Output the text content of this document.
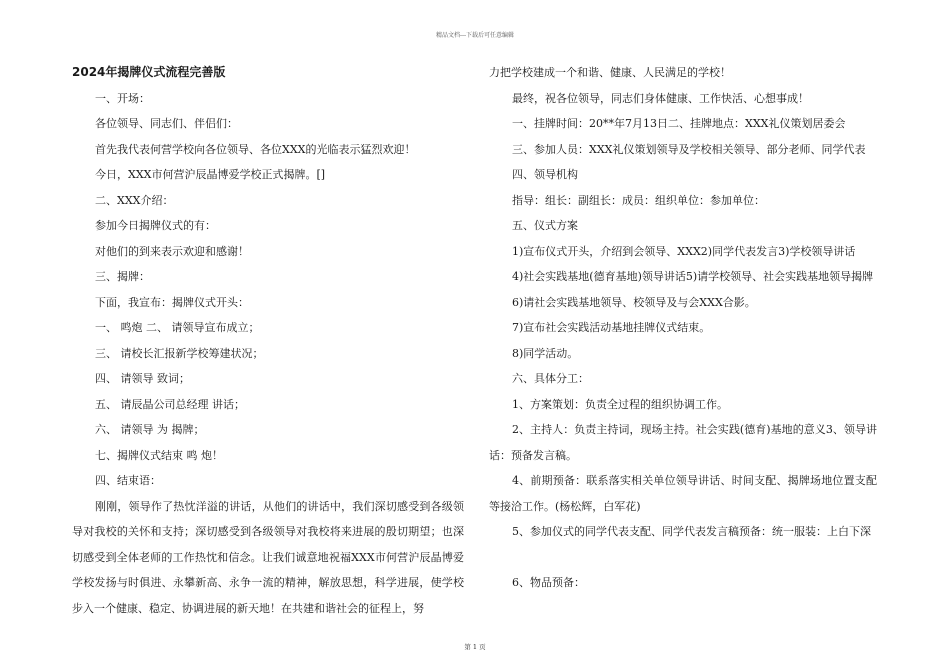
精品文档---下载后可任意编辑

2024年揭牌仪式流程完善版

一、开场：

各位领导、同志们、伴侣们：

首先我代表何营学校向各位领导、各位XXX的光临表示猛烈欢迎！

今日，XXX市何营沪辰晶博爱学校正式揭牌。[]

二、XXX介绍：

参加今日揭牌仪式的有：

对他们的到来表示欢迎和感谢！

三、揭牌：

下面，我宣布：揭牌仪式开头：

一、 鸣炮 二、 请领导宣布成立；

三、 请校长汇报新学校筹建状况；

四、 请领导 致词；

五、 请辰晶公司总经理 讲话；

六、 请领导 为 揭牌；

七、揭牌仪式结束 鸣 炮！

四、结束语：

刚刚，领导作了热忱洋溢的讲话，从他们的讲话中，我们深切感受到各级领导对我校的关怀和支持；深切感受到各级领导对我校将来进展的殷切期望；也深切感受到全体老师的工作热忱和信念。让我们诚意地祝福XXX市何营沪辰晶博爱学校发扬与时俱进、永攀新高、永争一流的精神，解放思想，科学进展，使学校步入一个健康、稳定、协调进展的新天地！在共建和谐社会的征程上，努

力把学校建成一个和谐、健康、人民满足的学校！

最终，祝各位领导，同志们身体健康、工作快活、心想事成！

一、挂牌时间：20**年7月13日二、挂牌地点：XXX礼仪策划居委会

三、参加人员：XXX礼仪策划领导及学校相关领导、部分老师、同学代表

四、领导机构

指导：组长：副组长：成员：组织单位：参加单位：

五、仪式方案

1)宣布仪式开头，介绍到会领导、XXX2)同学代表发言3)学校领导讲话

4)社会实践基地(德育基地)领导讲话5)请学校领导、社会实践基地领导揭牌

6)请社会实践基地领导、校领导及与会XXX合影。

7)宣布社会实践活动基地挂牌仪式结束。

8)同学活动。

六、具体分工：

1、方案策划：负责全过程的组织协调工作。

2、主持人：负责主持词，现场主持。社会实践(德育)基地的意义3、领导讲话：预备发言稿。

4、前期预备：联系落实相关单位领导讲话、时间支配、揭牌场地位置支配等接洽工作。(杨松辉，白军花)

5、参加仪式的同学代表支配、同学代表发言稿预备：统一服装：上白下深

6、物品预备：

第 1 页
